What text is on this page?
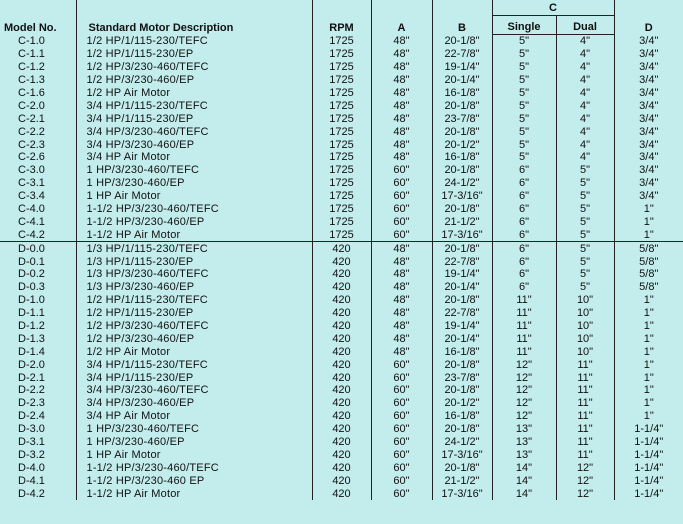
Model No.	Standard Motor Description	RPM	A	B	C		D
					Single	Dual	
C-1.0	1/2 HP/1/115-230/TEFC	1725	48"	20-1/8"	5"	4"	3/4"
C-1.1	1/2 HP/1/115-230/EP	1725	48"	22-7/8"	5"	4"	3/4"
C-1.2	1/2 HP/3/230-460/TEFC	1725	48"	19-1/4"	5"	4"	3/4"
C-1.3	1/2 HP/3/230-460/EP	1725	48"	20-1/4"	5"	4"	3/4"
C-1.6	1/2 HP Air Motor	1725	48"	16-1/8"	5"	4"	3/4"
C-2.0	3/4 HP/1/115-230/TEFC	1725	48"	20-1/8"	5"	4"	3/4"
C-2.1	3/4 HP/1/115-230/EP	1725	48"	23-7/8"	5"	4"	3/4"
C-2.2	3/4 HP/3/230-460/TEFC	1725	48"	20-1/8"	5"	4"	3/4"
C-2.3	3/4 HP/3/230-460/EP	1725	48"	20-1/2"	5"	4"	3/4"
C-2.6	3/4 HP Air Motor	1725	48"	16-1/8"	5"	4"	3/4"
C-3.0	1 HP/3/230-460/TEFC	1725	60"	20-1/8"	6"	5"	3/4"
C-3.1	1 HP/3/230-460/EP	1725	60"	24-1/2"	6"	5"	3/4"
C-3.4	1 HP Air Motor	1725	60"	17-3/16"	6"	5"	3/4"
C-4.0	1-1/2 HP/3/230-460/TEFC	1725	60"	20-1/8"	6"	5"	1"
C-4.1	1-1/2 HP/3/230-460/EP	1725	60"	21-1/2"	6"	5"	1"
C-4.2	1-1/2 HP Air Motor	1725	60"	17-3/16"	6"	5"	1"
D-0.0	1/3 HP/1/115-230/TEFC	420	48"	20-1/8"	6"	5"	5/8"
D-0.1	1/3 HP/1/115-230/EP	420	48"	22-7/8"	6"	5"	5/8"
D-0.2	1/3 HP/3/230-460/TEFC	420	48"	19-1/4"	6"	5"	5/8"
D-0.3	1/3 HP/3/230-460/EP	420	48"	20-1/4"	6"	5"	5/8"
D-1.0	1/2 HP/1/115-230/TEFC	420	48"	20-1/8"	11"	10"	1"
D-1.1	1/2 HP/1/115-230/EP	420	48"	22-7/8"	11"	10"	1"
D-1.2	1/2 HP/3/230-460/TEFC	420	48"	19-1/4"	11"	10"	1"
D-1.3	1/2 HP/3/230-460/EP	420	48"	20-1/4"	11"	10"	1"
D-1.4	1/2 HP Air Motor	420	48"	16-1/8"	11"	10"	1"
D-2.0	3/4 HP/1/115-230/TEFC	420	60"	20-1/8"	12"	11"	1"
D-2.1	3/4 HP/1/115-230/EP	420	60"	23-7/8"	12"	11"	1"
D-2.2	3/4 HP/3/230-460/TEFC	420	60"	20-1/8"	12"	11"	1"
D-2.3	3/4 HP/3/230-460/EP	420	60"	20-1/2"	12"	11"	1"
D-2.4	3/4 HP Air Motor	420	60"	16-1/8"	12"	11"	1"
D-3.0	1 HP/3/230-460/TEFC	420	60"	20-1/8"	13"	11"	1-1/4"
D-3.1	1 HP/3/230-460/EP	420	60"	24-1/2"	13"	11"	1-1/4"
D-3.2	1 HP Air Motor	420	60"	17-3/16"	13"	11"	1-1/4"
D-4.0	1-1/2 HP/3/230-460/TEFC	420	60"	20-1/8"	14"	12"	1-1/4"
D-4.1	1-1/2 HP/3/230-460 EP	420	60"	21-1/2"	14"	12"	1-1/4"
D-4.2	1-1/2 HP Air Motor	420	60"	17-3/16"	14"	12"	1-1/4"
